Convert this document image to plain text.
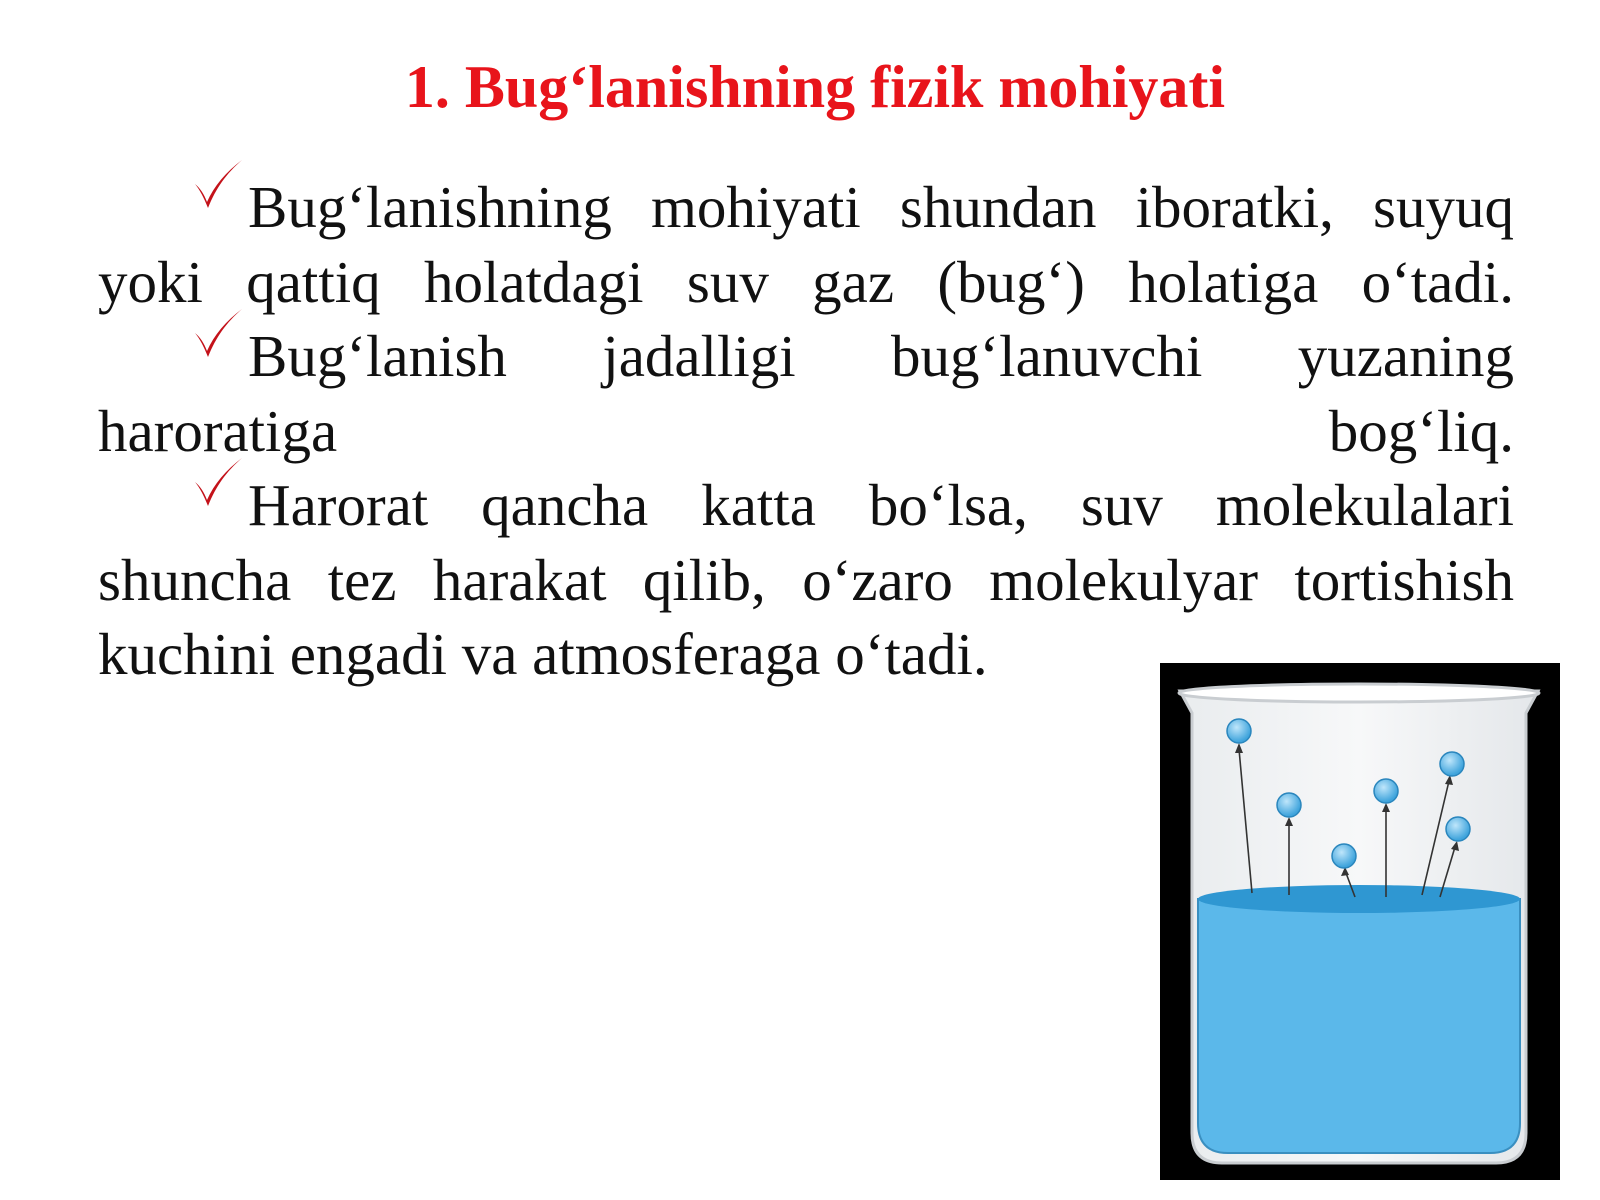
1. Bug‘lanishning fizik mohiyati

Bug‘lanishning mohiyati shundan iboratki, suyuq yoki qattiq holatdagi suv gaz (bug‘) holatiga o‘tadi.

Bug‘lanish jadalligi bug‘lanuvchi yuzaning haroratiga bog‘liq.

Harorat qancha katta bo‘lsa, suv molekulalari shuncha tez harakat qilib, o‘zaro molekulyar tortishish kuchini engadi va atmosferaga o‘tadi.
